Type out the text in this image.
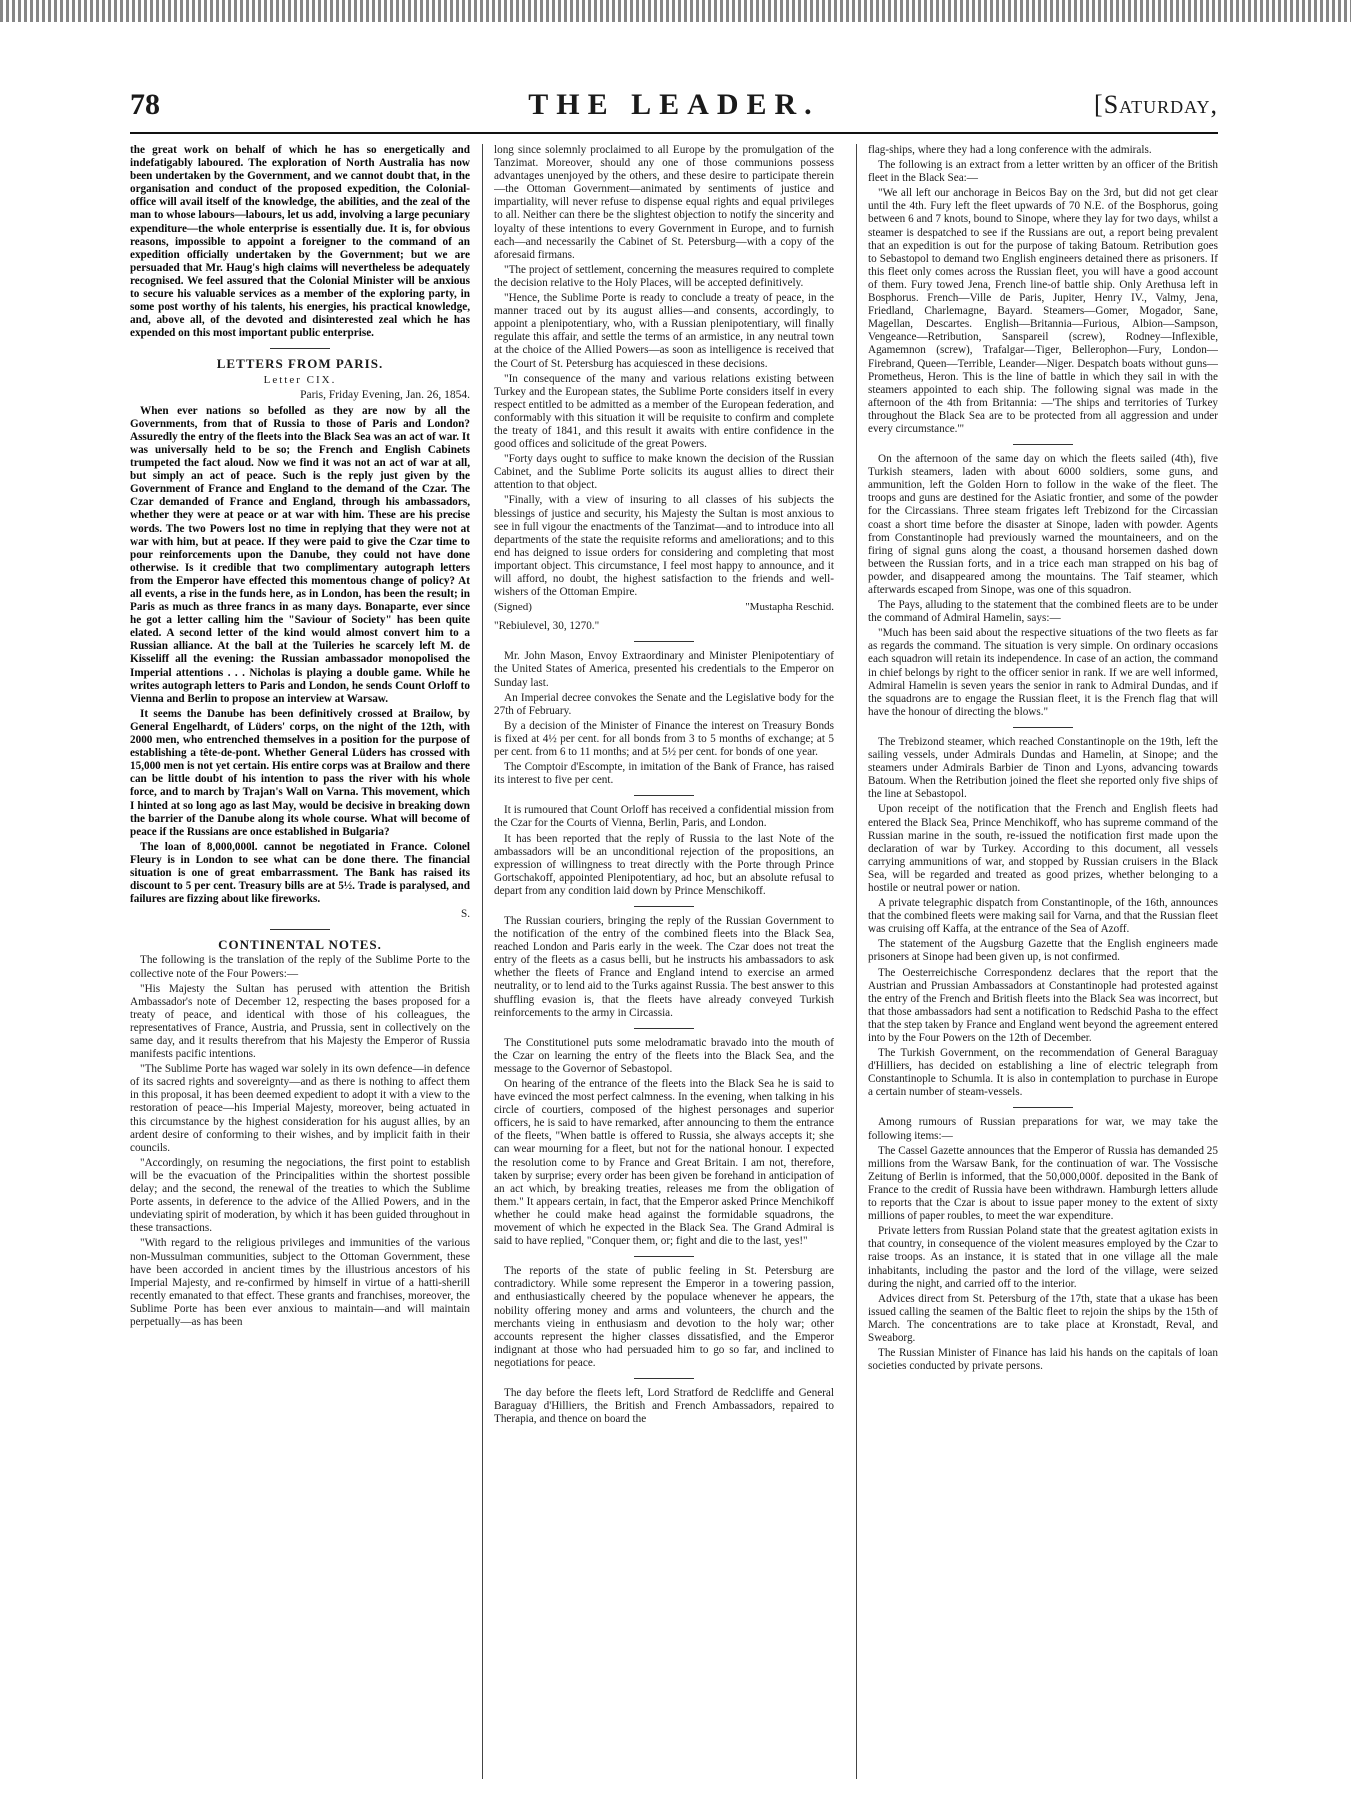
78	THE LEADER.	[Saturday,

the great work on behalf of which he has so energetically and indefatigably laboured. The exploration of North Australia has now been undertaken by the Government, and we cannot doubt that, in the organisation and conduct of the proposed expedition, the Colonial-office will avail itself of the knowledge, the abilities, and the zeal of the man to whose labours—labours, let us add, involving a large pecuniary expenditure—the whole enterprise is essentially due. It is, for obvious reasons, impossible to appoint a foreigner to the command of an expedition officially undertaken by the Government; but we are persuaded that Mr. Haug's high claims will nevertheless be adequately recognised. We feel assured that the Colonial Minister will be anxious to secure his valuable services as a member of the exploring party, in some post worthy of his talents, his energies, his practical knowledge, and, above all, of the devoted and disinterested zeal which he has expended on this most important public enterprise.

LETTERS FROM PARIS.
Letter CIX.
Paris, Friday Evening, Jan. 26, 1854.

When ever nations so befolled as they are now by all the Governments, from that of Russia to those of Paris and London? Assuredly the entry of the fleets into the Black Sea was an act of war. It was universally held to be so; the French and English Cabinets trumpeted the fact aloud. Now we find it was not an act of war at all, but simply an act of peace. Such is the reply just given by the Government of France and England to the demand of the Czar. The Czar demanded of France and England, through his ambassadors, whether they were at peace or at war with him. These are his precise words. The two Powers lost no time in replying that they were not at war with him, but at peace. If they were paid to give the Czar time to pour reinforcements upon the Danube, they could not have done otherwise. Is it credible that two complimentary autograph letters from the Emperor have effected this momentous change of policy? At all events, a rise in the funds here, as in London, has been the result; in Paris as much as three francs in as many days. Bonaparte, ever since he got a letter calling him the "Saviour of Society" has been quite elated. A second letter of the kind would almost convert him to a Russian alliance. At the ball at the Tuileries he scarcely left M. de Kisseliff all the evening: the Russian ambassador monopolised the Imperial attentions . . . Nicholas is playing a double game. While he writes autograph letters to Paris and London, he sends Count Orloff to Vienna and Berlin to propose an interview at Warsaw.

It seems the Danube has been definitively crossed at Brailow, by General Engelhardt, of Lüders' corps, on the night of the 12th, with 2000 men, who entrenched themselves in a position for the purpose of establishing a tête-de-pont. Whether General Lüders has crossed with 15,000 men is not yet certain. His entire corps was at Brailow and there can be little doubt of his intention to pass the river with his whole force, and to march by Trajan's Wall on Varna. This movement, which I hinted at so long ago as last May, would be decisive in breaking down the barrier of the Danube along its whole course. What will become of peace if the Russians are once established in Bulgaria?

The loan of 8,000,000l. cannot be negotiated in France. Colonel Fleury is in London to see what can be done there. The financial situation is one of great embarrassment. The Bank has raised its discount to 5 per cent. Treasury bills are at 5½. Trade is paralysed, and failures are fizzing about like fireworks.

S.
CONTINENTAL NOTES.

The following is the translation of the reply of the Sublime Porte to the collective note of the Four Powers:—

"His Majesty the Sultan has perused with attention the British Ambassador's note of December 12, respecting the bases proposed for a treaty of peace, and identical with those of his colleagues, the representatives of France, Austria, and Prussia, sent in collectively on the same day, and it results therefrom that his Majesty the Emperor of Russia manifests pacific intentions.

"The Sublime Porte has waged war solely in its own defence—in defence of its sacred rights and sovereignty—and as there is nothing to affect them in this proposal, it has been deemed expedient to adopt it with a view to the restoration of peace—his Imperial Majesty, moreover, being actuated in this circumstance by the highest consideration for his august allies, by an ardent desire of conforming to their wishes, and by implicit faith in their councils.

"Accordingly, on resuming the negociations, the first point to establish will be the evacuation of the Principalities within the shortest possible delay; and the second, the renewal of the treaties to which the Sublime Porte assents, in deference to the advice of the Allied Powers, and in the undeviating spirit of moderation, by which it has been guided throughout in these transactions.

"With regard to the religious privileges and immunities of the various non-Mussulman communities, subject to the Ottoman Government, these have been accorded in ancient times by the illustrious ancestors of his Imperial Majesty, and re-confirmed by himself in virtue of a hatti-sherill recently emanated to that effect. These grants and franchises, moreover, the Sublime Porte has been ever anxious to maintain—and will maintain perpetually—as has been

long since solemnly proclaimed to all Europe by the promulgation of the Tanzimat. Moreover, should any one of those communions possess advantages unenjoyed by the others, and these desire to participate therein—the Ottoman Government—animated by sentiments of justice and impartiality, will never refuse to dispense equal rights and equal privileges to all. Neither can there be the slightest objection to notify the sincerity and loyalty of these intentions to every Government in Europe, and to furnish each—and necessarily the Cabinet of St. Petersburg—with a copy of the aforesaid firmans.

"The project of settlement, concerning the measures required to complete the decision relative to the Holy Places, will be accepted definitively.

"Hence, the Sublime Porte is ready to conclude a treaty of peace, in the manner traced out by its august allies—and consents, accordingly, to appoint a plenipotentiary, who, with a Russian plenipotentiary, will finally regulate this affair, and settle the terms of an armistice, in any neutral town at the choice of the Allied Powers—as soon as intelligence is received that the Court of St. Petersburg has acquiesced in these decisions.

"In consequence of the many and various relations existing between Turkey and the European states, the Sublime Porte considers itself in every respect entitled to be admitted as a member of the European federation, and conformably with this situation it will be requisite to confirm and complete the treaty of 1841, and this result it awaits with entire confidence in the good offices and solicitude of the great Powers.

"Forty days ought to suffice to make known the decision of the Russian Cabinet, and the Sublime Porte solicits its august allies to direct their attention to that object.

"Finally, with a view of insuring to all classes of his subjects the blessings of justice and security, his Majesty the Sultan is most anxious to see in full vigour the enactments of the Tanzimat—and to introduce into all departments of the state the requisite reforms and ameliorations; and to this end has deigned to issue orders for considering and completing that most important object. This circumstance, I feel most happy to announce, and it will afford, no doubt, the highest satisfaction to the friends and well-wishers of the Ottoman Empire.

(Signed)	"Mustapha Reschid.

"Rebiulevel, 30, 1270."

Mr. John Mason, Envoy Extraordinary and Minister Plenipotentiary of the United States of America, presented his credentials to the Emperor on Sunday last.

An Imperial decree convokes the Senate and the Legislative body for the 27th of February.

By a decision of the Minister of Finance the interest on Treasury Bonds is fixed at 4½ per cent. for all bonds from 3 to 5 months of exchange; at 5 per cent. from 6 to 11 months; and at 5½ per cent. for bonds of one year.

The Comptoir d'Escompte, in imitation of the Bank of France, has raised its interest to five per cent.

It is rumoured that Count Orloff has received a confidential mission from the Czar for the Courts of Vienna, Berlin, Paris, and London.

It has been reported that the reply of Russia to the last Note of the ambassadors will be an unconditional rejection of the propositions, an expression of willingness to treat directly with the Porte through Prince Gortschakoff, appointed Plenipotentiary, ad hoc, but an absolute refusal to depart from any condition laid down by Prince Menschikoff.

The Russian couriers, bringing the reply of the Russian Government to the notification of the entry of the combined fleets into the Black Sea, reached London and Paris early in the week. The Czar does not treat the entry of the fleets as a casus belli, but he instructs his ambassadors to ask whether the fleets of France and England intend to exercise an armed neutrality, or to lend aid to the Turks against Russia. The best answer to this shuffling evasion is, that the fleets have already conveyed Turkish reinforcements to the army in Circassia.

The Constitutionel puts some melodramatic bravado into the mouth of the Czar on learning the entry of the fleets into the Black Sea, and the message to the Governor of Sebastopol.

On hearing of the entrance of the fleets into the Black Sea he is said to have evinced the most perfect calmness. In the evening, when talking in his circle of courtiers, composed of the highest personages and superior officers, he is said to have remarked, after announcing to them the entrance of the fleets, "When battle is offered to Russia, she always accepts it; she can wear mourning for a fleet, but not for the national honour. I expected the resolution come to by France and Great Britain. I am not, therefore, taken by surprise; every order has been given be forehand in anticipation of an act which, by breaking treaties, releases me from the obligation of them." It appears certain, in fact, that the Emperor asked Prince Menchikoff whether he could make head against the formidable squadrons, the movement of which he expected in the Black Sea. The Grand Admiral is said to have replied, "Conquer them, or; fight and die to the last, yes!"

The reports of the state of public feeling in St. Petersburg are contradictory. While some represent the Emperor in a towering passion, and enthusiastically cheered by the populace whenever he appears, the nobility offering money and arms and volunteers, the church and the merchants vieing in enthusiasm and devotion to the holy war; other accounts represent the higher classes dissatisfied, and the Emperor indignant at those who had persuaded him to go so far, and inclined to negotiations for peace.

The day before the fleets left, Lord Stratford de Redcliffe and General Baraguay d'Hilliers, the British and French Ambassadors, repaired to Therapia, and thence on board the

flag-ships, where they had a long conference with the admirals.

The following is an extract from a letter written by an officer of the British fleet in the Black Sea:—

"We all left our anchorage in Beicos Bay on the 3rd, but did not get clear until the 4th. Fury left the fleet upwards of 70 N.E. of the Bosphorus, going between 6 and 7 knots, bound to Sinope, where they lay for two days, whilst a steamer is despatched to see if the Russians are out, a report being prevalent that an expedition is out for the purpose of taking Batoum. Retribution goes to Sebastopol to demand two English engineers detained there as prisoners. If this fleet only comes across the Russian fleet, you will have a good account of them. Fury towed Jena, French line-of battle ship. Only Arethusa left in Bosphorus. French—Ville de Paris, Jupiter, Henry IV., Valmy, Jena, Friedland, Charlemagne, Bayard. Steamers—Gomer, Mogador, Sane, Magellan, Descartes. English—Britannia—Furious, Albion—Sampson, Vengeance—Retribution, Sanspareil (screw), Rodney—Inflexible, Agamemnon (screw), Trafalgar—Tiger, Bellerophon—Fury, London—Firebrand, Queen—Terrible, Leander—Niger. Despatch boats without guns—Prometheus, Heron. This is the line of battle in which they sail in with the steamers appointed to each ship. The following signal was made in the afternoon of the 4th from Britannia: —'The ships and territories of Turkey throughout the Black Sea are to be protected from all aggression and under every circumstance.'"

On the afternoon of the same day on which the fleets sailed (4th), five Turkish steamers, laden with about 6000 soldiers, some guns, and ammunition, left the Golden Horn to follow in the wake of the fleet. The troops and guns are destined for the Asiatic frontier, and some of the powder for the Circassians. Three steam frigates left Trebizond for the Circassian coast a short time before the disaster at Sinope, laden with powder. Agents from Constantinople had previously warned the mountaineers, and on the firing of signal guns along the coast, a thousand horsemen dashed down between the Russian forts, and in a trice each man strapped on his bag of powder, and disappeared among the mountains. The Taif steamer, which afterwards escaped from Sinope, was one of this squadron.

The Pays, alluding to the statement that the combined fleets are to be under the command of Admiral Hamelin, says:—

"Much has been said about the respective situations of the two fleets as far as regards the command. The situation is very simple. On ordinary occasions each squadron will retain its independence. In case of an action, the command in chief belongs by right to the officer senior in rank. If we are well informed, Admiral Hamelin is seven years the senior in rank to Admiral Dundas, and if the squadrons are to engage the Russian fleet, it is the French flag that will have the honour of directing the blows."

The Trebizond steamer, which reached Constantinople on the 19th, left the sailing vessels, under Admirals Dundas and Hamelin, at Sinope; and the steamers under Admirals Barbier de Tinon and Lyons, advancing towards Batoum. When the Retribution joined the fleet she reported only five ships of the line at Sebastopol.

Upon receipt of the notification that the French and English fleets had entered the Black Sea, Prince Menchikoff, who has supreme command of the Russian marine in the south, re-issued the notification first made upon the declaration of war by Turkey. According to this document, all vessels carrying ammunitions of war, and stopped by Russian cruisers in the Black Sea, will be regarded and treated as good prizes, whether belonging to a hostile or neutral power or nation.

A private telegraphic dispatch from Constantinople, of the 16th, announces that the combined fleets were making sail for Varna, and that the Russian fleet was cruising off Kaffa, at the entrance of the Sea of Azoff.

The statement of the Augsburg Gazette that the English engineers made prisoners at Sinope had been given up, is not confirmed.

The Oesterreichische Correspondenz declares that the report that the Austrian and Prussian Ambassadors at Constantinople had protested against the entry of the French and British fleets into the Black Sea was incorrect, but that those ambassadors had sent a notification to Redschid Pasha to the effect that the step taken by France and England went beyond the agreement entered into by the Four Powers on the 12th of December.

The Turkish Government, on the recommendation of General Baraguay d'Hilliers, has decided on establishing a line of electric telegraph from Constantinople to Schumla. It is also in contemplation to purchase in Europe a certain number of steam-vessels.

Among rumours of Russian preparations for war, we may take the following items:—

The Cassel Gazette announces that the Emperor of Russia has demanded 25 millions from the Warsaw Bank, for the continuation of war. The Vossische Zeitung of Berlin is informed, that the 50,000,000f. deposited in the Bank of France to the credit of Russia have been withdrawn. Hamburgh letters allude to reports that the Czar is about to issue paper money to the extent of sixty millions of paper roubles, to meet the war expenditure.

Private letters from Russian Poland state that the greatest agitation exists in that country, in consequence of the violent measures employed by the Czar to raise troops. As an instance, it is stated that in one village all the male inhabitants, including the pastor and the lord of the village, were seized during the night, and carried off to the interior.

Advices direct from St. Petersburg of the 17th, state that a ukase has been issued calling the seamen of the Baltic fleet to rejoin the ships by the 15th of March. The concentrations are to take place at Kronstadt, Reval, and Sweaborg.

The Russian Minister of Finance has laid his hands on the capitals of loan societies conducted by private persons.
